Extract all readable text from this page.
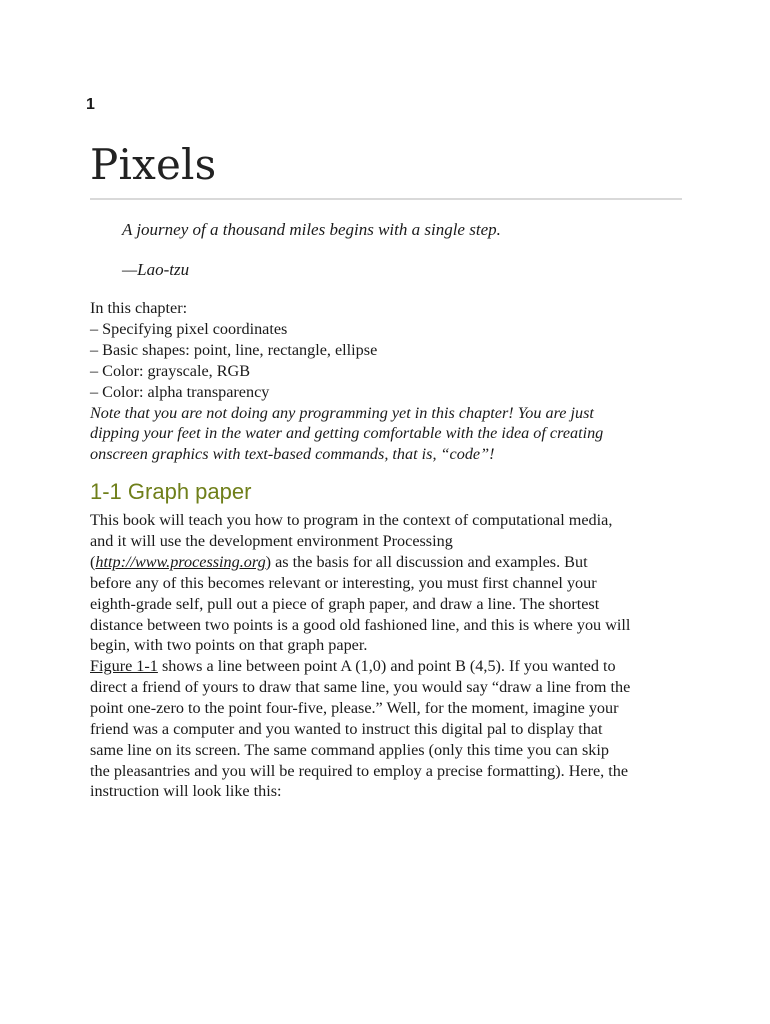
1
Pixels

A journey of a thousand miles begins with a single step.

—Lao-tzu

In this chapter:
– Specifying pixel coordinates
– Basic shapes: point, line, rectangle, ellipse
– Color: grayscale, RGB
– Color: alpha transparency
Note that you are not doing any programming yet in this chapter! You are just
dipping your feet in the water and getting comfortable with the idea of creating
onscreen graphics with text-based commands, that is, “code”!
1-1 Graph paper

This book will teach you how to program in the context of computational media,
and it will use the development environment Processing
(http://www.processing.org) as the basis for all discussion and examples. But
before any of this becomes relevant or interesting, you must first channel your
eighth-grade self, pull out a piece of graph paper, and draw a line. The shortest
distance between two points is a good old fashioned line, and this is where you will
begin, with two points on that graph paper.

Figure 1-1 shows a line between point A (1,0) and point B (4,5). If you wanted to
direct a friend of yours to draw that same line, you would say “draw a line from the
point one-zero to the point four-five, please.” Well, for the moment, imagine your
friend was a computer and you wanted to instruct this digital pal to display that
same line on its screen. The same command applies (only this time you can skip
the pleasantries and you will be required to employ a precise formatting). Here, the
instruction will look like this:
